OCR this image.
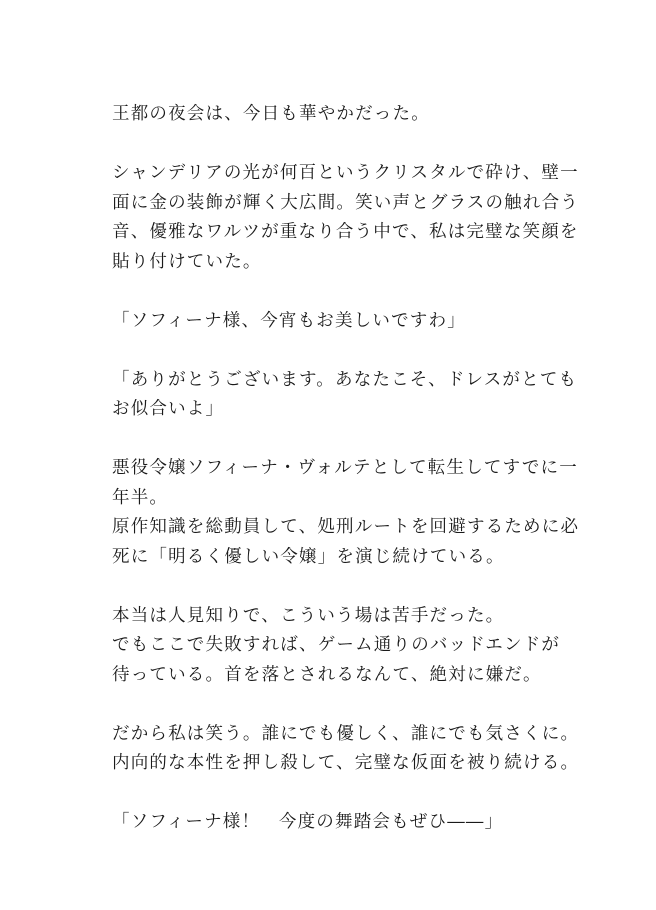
王都の夜会は、今日も華やかだった。
シャンデリアの光が何百というクリスタルで砕け、壁一
面に金の装飾が輝く大広間。笑い声とグラスの触れ合う
音、優雅なワルツが重なり合う中で、私は完璧な笑顔を
貼り付けていた。
「ソフィーナ様、今宵もお美しいですわ」
「ありがとうございます。あなたこそ、ドレスがとても
お似合いよ」
悪役令嬢ソフィーナ・ヴォルテとして転生してすでに一
年半。
原作知識を総動員して、処刑ルートを回避するために必
死に「明るく優しい令嬢」を演じ続けている。
本当は人見知りで、こういう場は苦手だった。
でもここで失敗すれば、ゲーム通りのバッドエンドが
待っている。首を落とされるなんて、絶対に嫌だ。
だから私は笑う。誰にでも優しく、誰にでも気さくに。
内向的な本性を押し殺して、完璧な仮面を被り続ける。
「ソフィーナ様！　今度の舞踏会もぜひ――」
